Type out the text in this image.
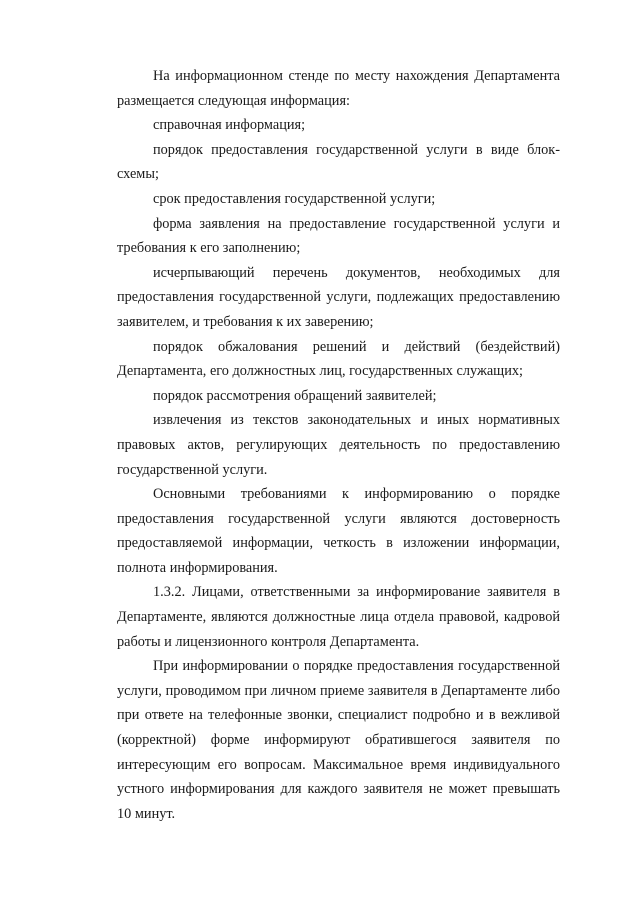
На информационном стенде по месту нахождения Департамента размещается следующая информация:

справочная информация;

порядок предоставления государственной услуги в виде блок-схемы;

срок предоставления государственной услуги;

форма заявления на предоставление государственной услуги и требования к его заполнению;

исчерпывающий перечень документов, необходимых для предоставления государственной услуги, подлежащих предоставлению заявителем, и требования к их заверению;

порядок обжалования решений и действий (бездействий) Департамента, его должностных лиц, государственных служащих;

порядок рассмотрения обращений заявителей;

извлечения из текстов законодательных и иных нормативных правовых актов, регулирующих деятельность по предоставлению государственной услуги.

Основными требованиями к информированию о порядке предоставления государственной услуги являются достоверность предоставляемой информации, четкость в изложении информации, полнота информирования.

1.3.2. Лицами, ответственными за информирование заявителя в Департаменте, являются должностные лица отдела правовой, кадровой работы и лицензионного контроля Департамента.

При информировании о порядке предоставления государственной услуги, проводимом при личном приеме заявителя в Департаменте либо при ответе на телефонные звонки, специалист подробно и в вежливой (корректной) форме информируют обратившегося заявителя по интересующим его вопросам. Максимальное время индивидуального устного информирования для каждого заявителя не может превышать 10 минут.
